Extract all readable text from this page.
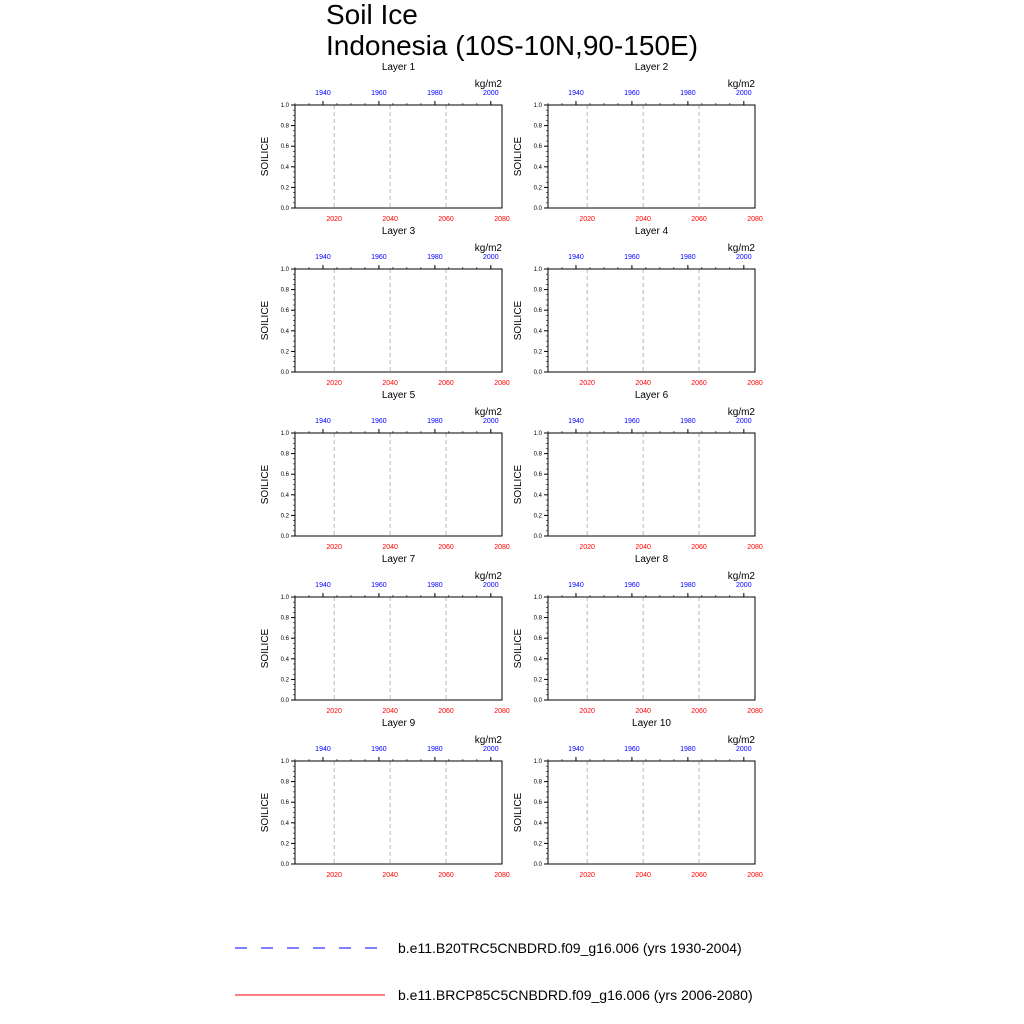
Soil Ice
Indonesia (10S-10N,90-150E)
Layer 1
kg/m2
0.0
0.2
0.4
0.6
0.8
1.0
SOILICE
1940	1960	1980	2000
2020	2040	2060	2080
Layer 2
kg/m2
0.0
0.2
0.4
0.6
0.8
1.0
SOILICE
1940	1960	1980	2000
2020	2040	2060	2080
Layer 3
kg/m2
0.0
0.2
0.4
0.6
0.8
1.0
SOILICE
1940	1960	1980	2000
2020	2040	2060	2080
Layer 4
kg/m2
0.0
0.2
0.4
0.6
0.8
1.0
SOILICE
1940	1960	1980	2000
2020	2040	2060	2080
Layer 5
kg/m2
0.0
0.2
0.4
0.6
0.8
1.0
SOILICE
1940	1960	1980	2000
2020	2040	2060	2080
Layer 6
kg/m2
0.0
0.2
0.4
0.6
0.8
1.0
SOILICE
1940	1960	1980	2000
2020	2040	2060	2080
Layer 7
kg/m2
0.0
0.2
0.4
0.6
0.8
1.0
SOILICE
1940	1960	1980	2000
2020	2040	2060	2080
Layer 8
kg/m2
0.0
0.2
0.4
0.6
0.8
1.0
SOILICE
1940	1960	1980	2000
2020	2040	2060	2080
Layer 9
kg/m2
0.0
0.2
0.4
0.6
0.8
1.0
SOILICE
1940	1960	1980	2000
2020	2040	2060	2080
Layer 10
kg/m2
0.0
0.2
0.4
0.6
0.8
1.0
SOILICE
1940	1960	1980	2000
2020	2040	2060	2080
b.e11.B20TRC5CNBDRD.f09_g16.006 (yrs 1930-2004)
b.e11.BRCP85C5CNBDRD.f09_g16.006 (yrs 2006-2080)
